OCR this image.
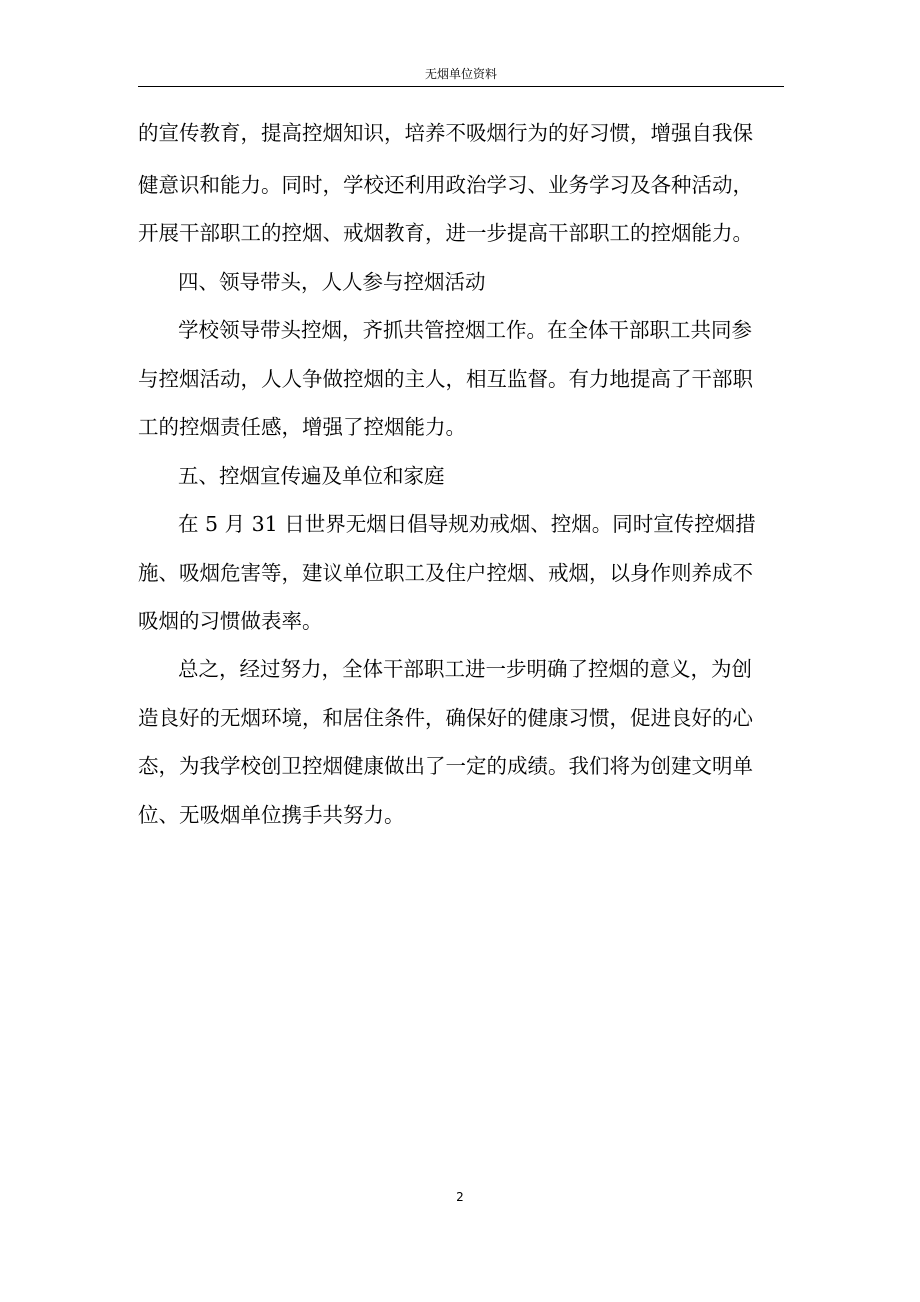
无烟单位资料

的宣传教育，提高控烟知识，培养不吸烟行为的好习惯，增强自我保

健意识和能力。同时，学校还利用政治学习、业务学习及各种活动，

开展干部职工的控烟、戒烟教育，进一步提高干部职工的控烟能力。

四、领导带头，人人参与控烟活动

学校领导带头控烟，齐抓共管控烟工作。在全体干部职工共同参

与控烟活动，人人争做控烟的主人，相互监督。有力地提高了干部职

工的控烟责任感，增强了控烟能力。

五、控烟宣传遍及单位和家庭

在 5 月 31 日世界无烟日倡导规劝戒烟、控烟。同时宣传控烟措

施、吸烟危害等，建议单位职工及住户控烟、戒烟，以身作则养成不

吸烟的习惯做表率。

总之，经过努力，全体干部职工进一步明确了控烟的意义，为创

造良好的无烟环境，和居住条件，确保好的健康习惯，促进良好的心

态，为我学校创卫控烟健康做出了一定的成绩。我们将为创建文明单

位、无吸烟单位携手共努力。

2
